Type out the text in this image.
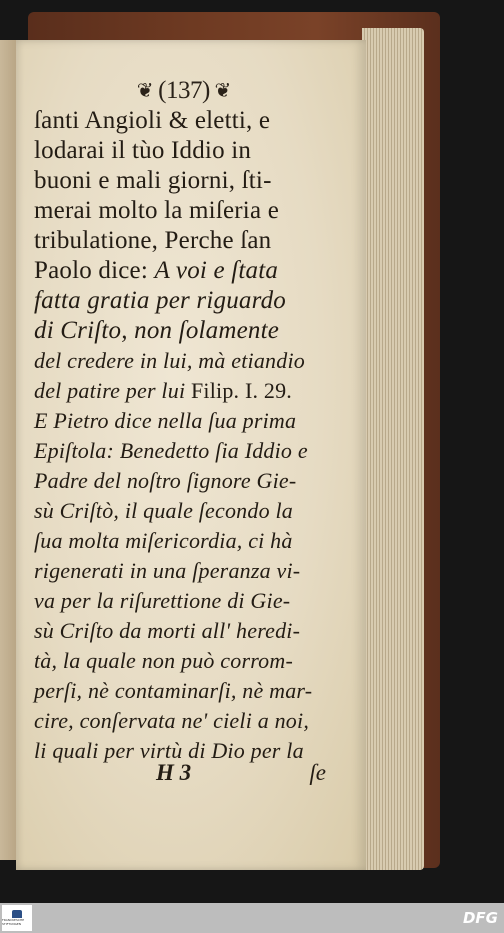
❦ (137) ❦
ſanti Angioli & eletti, e
lodarai il tùo Iddio in
buoni e mali giorni, ſti-
merai molto la miſeria e
tribulatione, Perche ſan
Paolo dice: A voi e ſtata
fatta gratia per riguardo
di Criſto, non ſolamente
del credere in lui, mà etiandio
del patire per lui Filip. I. 29.
E Pietro dice nella ſua prima
Epiſtola: Benedetto ſia Iddio e
Padre del noſtro ſignore Gie-
sù Criſtò, il quale ſecondo la
ſua molta miſericordia, ci hà
rigenerati in una ſperanza vi-
va per la riſurettione di Gie-
sù Criſto da morti all' heredi-
tà, la quale non può corrom-
perſi, nè contaminarſi, nè mar-
cire, conſervata ne' cieli a noi,
li quali per virtù di Dio per la
H 3	ſe
FRANCKESCHE STIFTUNGEN	DFG
